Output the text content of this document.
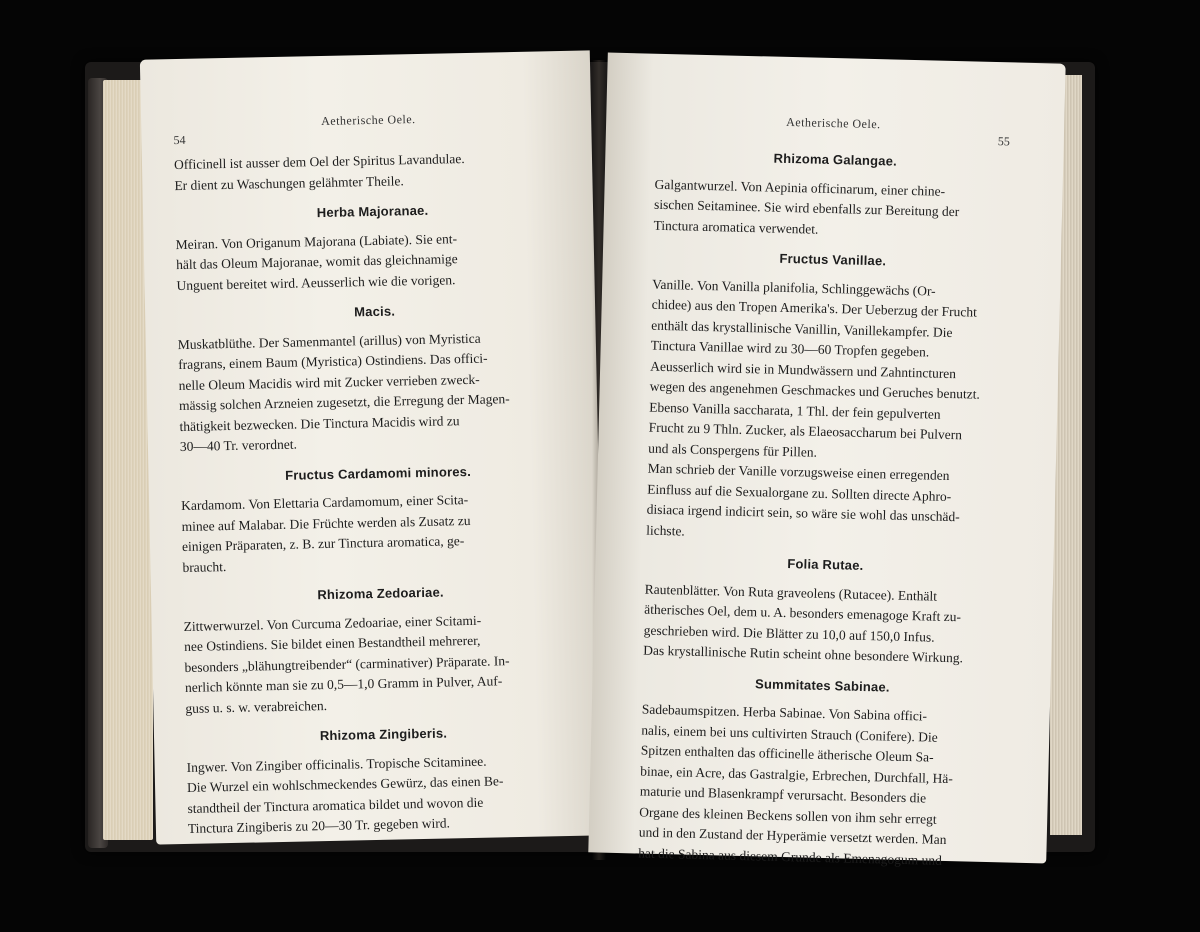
Aetherische Oele.
54

Officinell ist ausser dem Oel der Spiritus Lavandulae.

Er dient zu Waschungen gelähmter Theile.

Herba Majoranae.

Meiran. Von Origanum Majorana (Labiate). Sie ent-

hält das Oleum Majoranae, womit das gleichnamige

Unguent bereitet wird. Aeusserlich wie die vorigen.

Macis.

Muskatblüthe. Der Samenmantel (arillus) von Myristica

fragrans, einem Baum (Myristica) Ostindiens. Das offici-

nelle Oleum Macidis wird mit Zucker verrieben zweck-

mässig solchen Arzneien zugesetzt, die Erregung der Magen-

thätigkeit bezwecken. Die Tinctura Macidis wird zu

30—40 Tr. verordnet.

Fructus Cardamomi minores.

Kardamom. Von Elettaria Cardamomum, einer Scita-

minee auf Malabar. Die Früchte werden als Zusatz zu

einigen Präparaten, z. B. zur Tinctura aromatica, ge-

braucht.

Rhizoma Zedoariae.

Zittwerwurzel. Von Curcuma Zedoariae, einer Scitami-

nee Ostindiens. Sie bildet einen Bestandtheil mehrerer,

besonders „blähungtreibender“ (carminativer) Präparate. In-

nerlich könnte man sie zu 0,5—1,0 Gramm in Pulver, Auf-

guss u. s. w. verabreichen.

Rhizoma Zingiberis.

Ingwer. Von Zingiber officinalis. Tropische Scitaminee.

Die Wurzel ein wohlschmeckendes Gewürz, das einen Be-

standtheil der Tinctura aromatica bildet und wovon die

Tinctura Zingiberis zu 20—30 Tr. gegeben wird.

Aetherische Oele.
55
Rhizoma Galangae.

Galgantwurzel. Von Aepinia officinarum, einer chine-

sischen Seitaminee. Sie wird ebenfalls zur Bereitung der

Tinctura aromatica verwendet.

Fructus Vanillae.

Vanille. Von Vanilla planifolia, Schlinggewächs (Or-

chidee) aus den Tropen Amerika's. Der Ueberzug der Frucht

enthält das krystallinische Vanillin, Vanillekampfer. Die

Tinctura Vanillae wird zu 30—60 Tropfen gegeben.

Aeusserlich wird sie in Mundwässern und Zahntincturen

wegen des angenehmen Geschmackes und Geruches benutzt.

Ebenso Vanilla saccharata, 1 Thl. der fein gepulverten

Frucht zu 9 Thln. Zucker, als Elaeosaccharum bei Pulvern

und als Conspergens für Pillen.

Man schrieb der Vanille vorzugsweise einen erregenden

Einfluss auf die Sexualorgane zu. Sollten directe Aphro-

disiaca irgend indicirt sein, so wäre sie wohl das unschäd-

lichste.

Folia Rutae.

Rautenblätter. Von Ruta graveolens (Rutacee). Enthält

ätherisches Oel, dem u. A. besonders emenagoge Kraft zu-

geschrieben wird. Die Blätter zu 10,0 auf 150,0 Infus.

Das krystallinische Rutin scheint ohne besondere Wirkung.

Summitates Sabinae.

Sadebaumspitzen. Herba Sabinae. Von Sabina offici-

nalis, einem bei uns cultivirten Strauch (Conifere). Die

Spitzen enthalten das officinelle ätherische Oleum Sa-

binae, ein Acre, das Gastralgie, Erbrechen, Durchfall, Hä-

maturie und Blasenkrampf verursacht. Besonders die

Organe des kleinen Beckens sollen von ihm sehr erregt

und in den Zustand der Hyperämie versetzt werden. Man

hat die Sabina aus diesem Grunde als Emenagogum und
